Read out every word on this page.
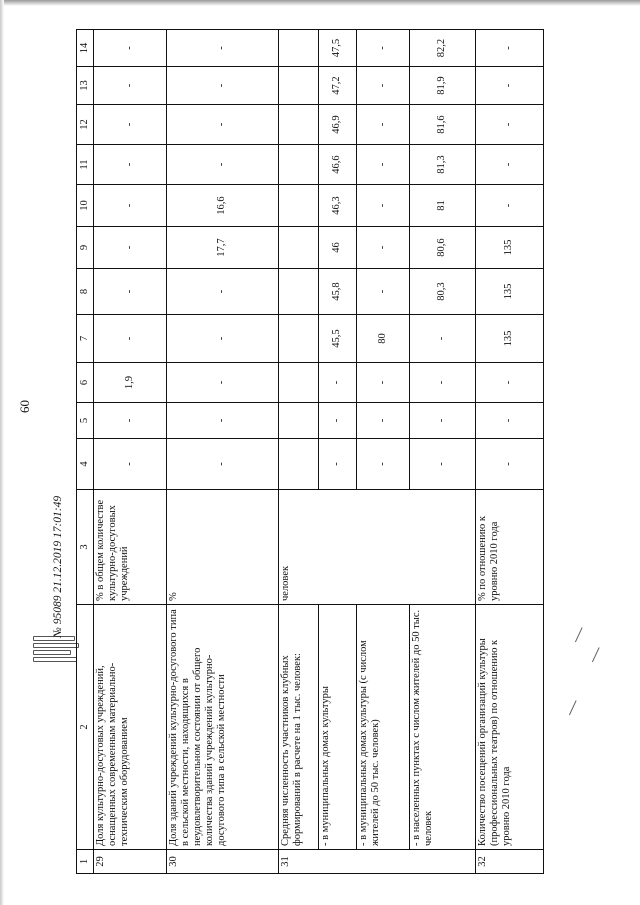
60
№ 95089 21.12.2019 17:01:49
1	2	3	4	5	6	7	8	9	10	11	12	13	14
29	Доля культурно-досуговых учреждений, оснащенных современным материально-техническим оборудованием	% в общем количестве культурно-досуговых учреждений	-	-	1,9	-	-	-	-	-	-	-	-
30	Доля зданий учреждений культурно-досугового типа в сельской местности, находящихся в неудовлетворительном состоянии от общего количества зданий учреждений культурно-досугового типа в сельской местности	%	-	-	-	-	-	17,7	16,6	-	-	-	-
31	Средняя численность участников клубных формирований в расчете на 1 тыс. человек:	человек											
	- в муниципальных домах культуры		-	-	-	45,5	45,8	46	46,3	46,6	46,9	47,2	47,5
	- в муниципальных домах культуры (с числом жителей до 50 тыс. человек)		-	-	-	80	-	-	-	-	-	-	-
	- в населенных пунктах с числом жителей до 50 тыс. человек		-	-	-	-	80,3	80,6	81	81,3	81,6	81,9	82,2
32	Количество посещений организаций культуры (профессиональных театров) по отношению к уровню 2010 года	% по отношению к уровню 2010 года	-	-	-	135	135	135	-	-	-	-	-
